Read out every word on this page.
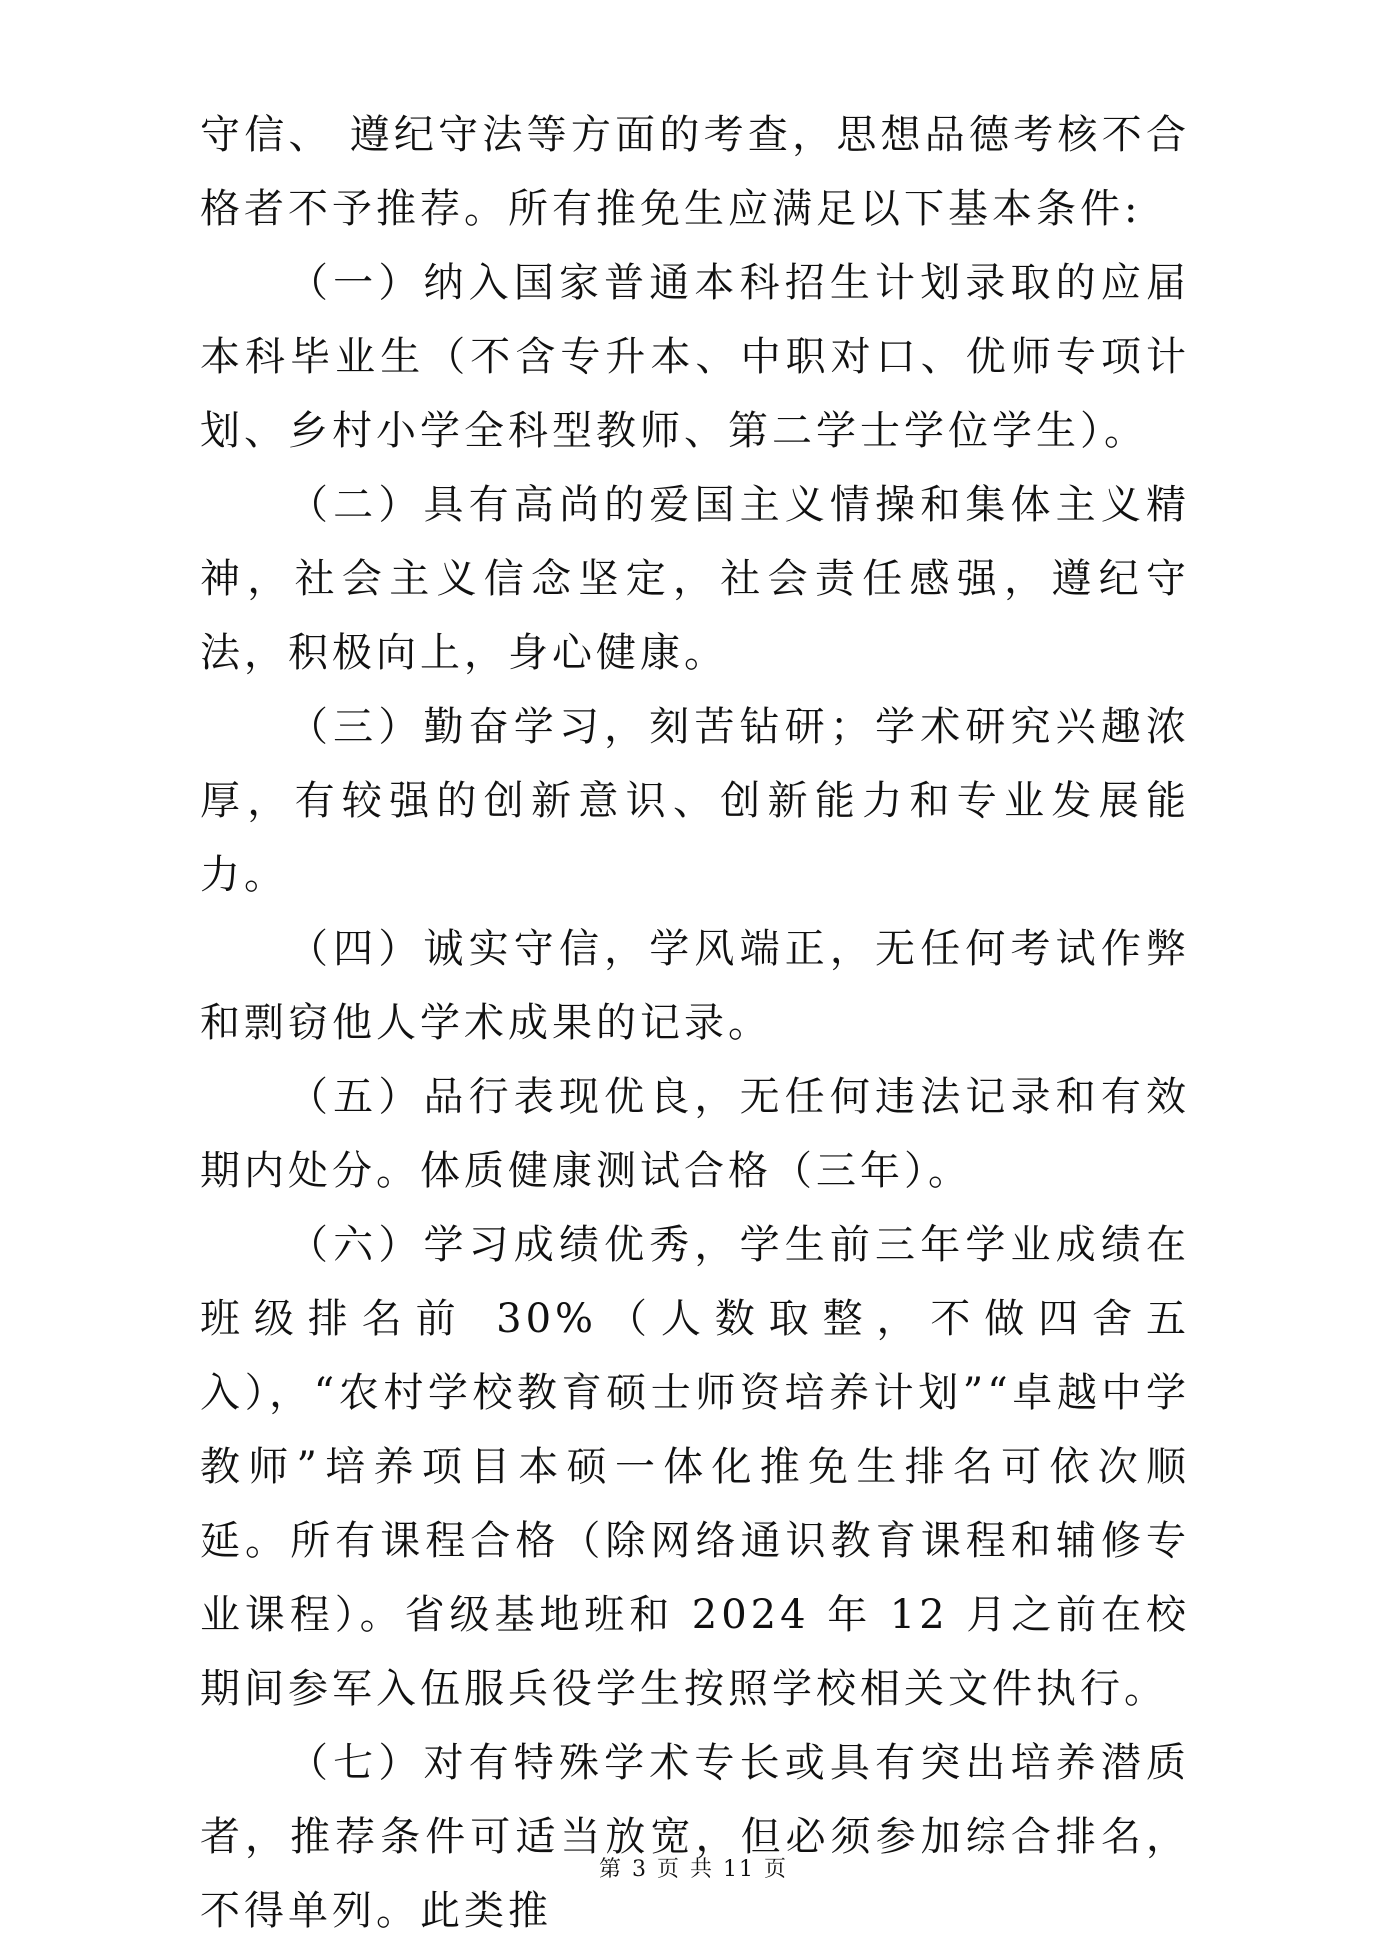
守信、 遵纪守法等方面的考查，思想品德考核不合格者不予推荐。所有推免生应满足以下基本条件:

（一）纳入国家普通本科招生计划录取的应届本科毕业生（不含专升本、中职对口、优师专项计划、乡村小学全科型教师、第二学士学位学生）。

（二）具有高尚的爱国主义情操和集体主义精神，社会主义信念坚定，社会责任感强，遵纪守法，积极向上，身心健康。

（三）勤奋学习，刻苦钻研；学术研究兴趣浓厚，有较强的创新意识、创新能力和专业发展能力。

（四）诚实守信，学风端正，无任何考试作弊和剽窃他人学术成果的记录。

（五）品行表现优良，无任何违法记录和有效期内处分。体质健康测试合格（三年）。

（六）学习成绩优秀，学生前三年学业成绩在班级排名前 30%（人数取整，不做四舍五入），“农村学校教育硕士师资培养计划”“卓越中学教师”培养项目本硕一体化推免生排名可依次顺延。所有课程合格（除网络通识教育课程和辅修专业课程）。省级基地班和 2024 年 12 月之前在校期间参军入伍服兵役学生按照学校相关文件执行。

（七）对有特殊学术专长或具有突出培养潜质者，推荐条件可适当放宽，但必须参加综合排名，不得单列。此类推

第 3 页 共 11 页
